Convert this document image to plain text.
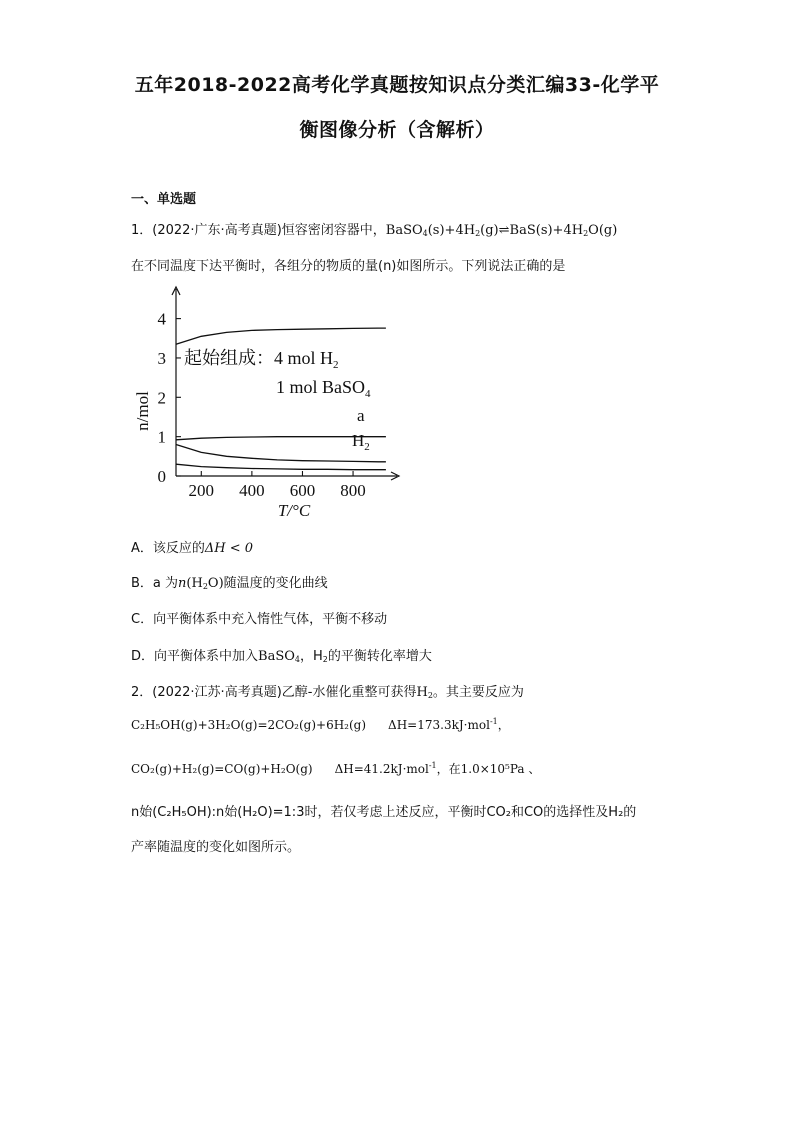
五年2018-2022高考化学真题按知识点分类汇编33-化学平
衡图像分析（含解析）
一、单选题
1．(2022·广东·高考真题)恒容密闭容器中，$BaSO_4(s)+4H_2(g)\rightleftharpoons BaS(s)+4H_2O(g)$
在不同温度下达平衡时，各组分的物质的量(n)如图所示。下列说法正确的是
0
1
2
3
4
200 400 600 800
起始组成：4 mol $H_2$
1 mol BaSO$_4$
a
$H_2$
n/mol
T/°C
A．该反应的ΔH < 0
B．a 为$n(H_2O)$随温度的变化曲线
C．向平衡体系中充入惰性气体，平衡不移动
D．向平衡体系中加入BaSO$_4$，$H_2$的平衡转化率增大
2．(2022·江苏·高考真题)乙醇-水催化重整可获得$H_2$。其主要反应为
C₂H₅OH(g)+3H₂O(g)=2CO₂(g)+6H₂(g) ΔH=173.3kJ·mol$^{-1}$，
CO₂(g)+H₂(g)=CO(g)+H₂O(g) ΔH=41.2kJ·mol$^{-1}$，在1.0×10⁵Pa 、
n始(C₂H₅OH):n始(H₂O)=1:3时，若仅考虑上述反应，平衡时CO₂和CO的选择性及H₂的
产率随温度的变化如图所示。
